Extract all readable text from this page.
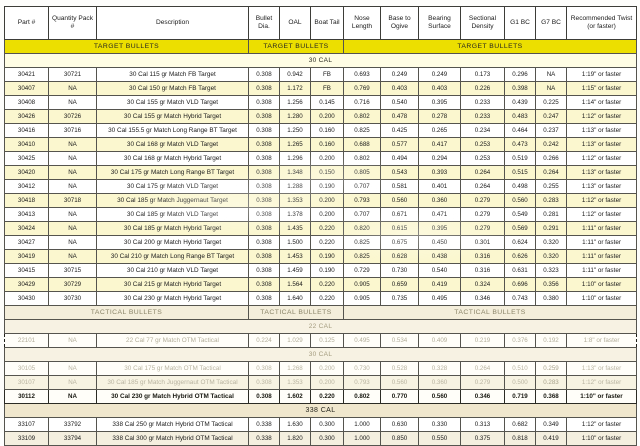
Part #	Quantity Pack #	Description	Bullet Dia.	OAL	Boat Tail	Nose Length	Base to Ogive	Bearing Surface	Sectional Density	G1 BC	G7 BC	Recommended Twist (or faster)
TARGET BULLETS			TARGET BULLETS			TARGET BULLETS						
30 CAL												
30421	30721	30 Cal 115 gr Match FB Target	0.308	0.942	FB	0.693	0.249	0.249	0.173	0.296	NA	1:19" or faster
30407	NA	30 Cal 150 gr Match FB Target	0.308	1.172	FB	0.769	0.403	0.403	0.226	0.398	NA	1:15" or faster
30408	NA	30 Cal 155 gr Match VLD Target	0.308	1.256	0.145	0.716	0.540	0.395	0.233	0.439	0.225	1:14" or faster
30426	30726	30 Cal 155 gr Match Hybrid Target	0.308	1.280	0.200	0.802	0.478	0.278	0.233	0.483	0.247	1:12" or faster
30416	30716	30 Cal 155.5 gr Match Long Range BT Target	0.308	1.250	0.160	0.825	0.425	0.265	0.234	0.464	0.237	1:13" or faster
30410	NA	30 Cal 168 gr Match VLD Target	0.308	1.265	0.160	0.688	0.577	0.417	0.253	0.473	0.242	1:13" or faster
30425	NA	30 Cal 168 gr Match Hybrid Target	0.308	1.296	0.200	0.802	0.494	0.294	0.253	0.519	0.266	1:12" or faster
30420	NA	30 Cal 175 gr Match Long Range BT Target	0.308	1.348	0.150	0.805	0.543	0.393	0.264	0.515	0.264	1:13" or faster
30412	NA	30 Cal 175 gr Match VLD Target	0.308	1.288	0.190	0.707	0.581	0.401	0.264	0.498	0.255	1:13" or faster
30418	30718	30 Cal 185 gr Match Juggernaut Target	0.308	1.353	0.200	0.793	0.560	0.360	0.279	0.560	0.283	1:12" or faster
30413	NA	30 Cal 185 gr Match VLD Target	0.308	1.378	0.200	0.707	0.671	0.471	0.279	0.549	0.281	1:12" or faster
30424	NA	30 Cal 185 gr Match Hybrid Target	0.308	1.435	0.220	0.820	0.615	0.395	0.279	0.569	0.291	1:11" or faster
30427	NA	30 Cal 200 gr Match Hybrid Target	0.308	1.500	0.220	0.825	0.675	0.450	0.301	0.624	0.320	1:11" or faster
30419	NA	30 Cal 210 gr Match Long Range BT Target	0.308	1.453	0.190	0.825	0.628	0.438	0.316	0.626	0.320	1:11" or faster
30415	30715	30 Cal 210 gr Match VLD Target	0.308	1.459	0.190	0.729	0.730	0.540	0.316	0.631	0.323	1:11" or faster
30429	30729	30 Cal 215 gr Match Hybrid Target	0.308	1.564	0.220	0.905	0.659	0.419	0.324	0.696	0.356	1:10" or faster
30430	30730	30 Cal 230 gr Match Hybrid Target	0.308	1.640	0.220	0.905	0.735	0.495	0.346	0.743	0.380	1:10" or faster
TACTICAL BULLETS			TACTICAL BULLETS			TACTICAL BULLETS						
22 CAL												
22101	NA	22 Cal 77 gr Match OTM Tactical	0.224	1.029	0.125	0.495	0.534	0.409	0.219	0.376	0.192	1:8" or faster
30 CAL												
30105	NA	30 Cal 175 gr Match OTM Tactical	0.308	1.268	0.200	0.730	0.528	0.328	0.264	0.510	0.259	1:13" or faster
30107	NA	30 Cal 185 gr Match Juggernaut OTM Tactical	0.308	1.353	0.200	0.793	0.560	0.360	0.279	0.500	0.283	1:12" or faster
30112	NA	30 Cal 230 gr Match Hybrid OTM Tactical	0.308	1.602	0.220	0.802	0.770	0.560	0.346	0.719	0.368	1:10" or faster
338 CAL												
33107	33792	338 Cal 250 gr Match Hybrid OTM Tactical	0.338	1.630	0.300	1.000	0.630	0.330	0.313	0.682	0.349	1:12" or faster
33109	33794	338 Cal 300 gr Match Hybrid OTM Tactical	0.338	1.820	0.300	1.000	0.850	0.550	0.375	0.818	0.419	1:10" or faster
